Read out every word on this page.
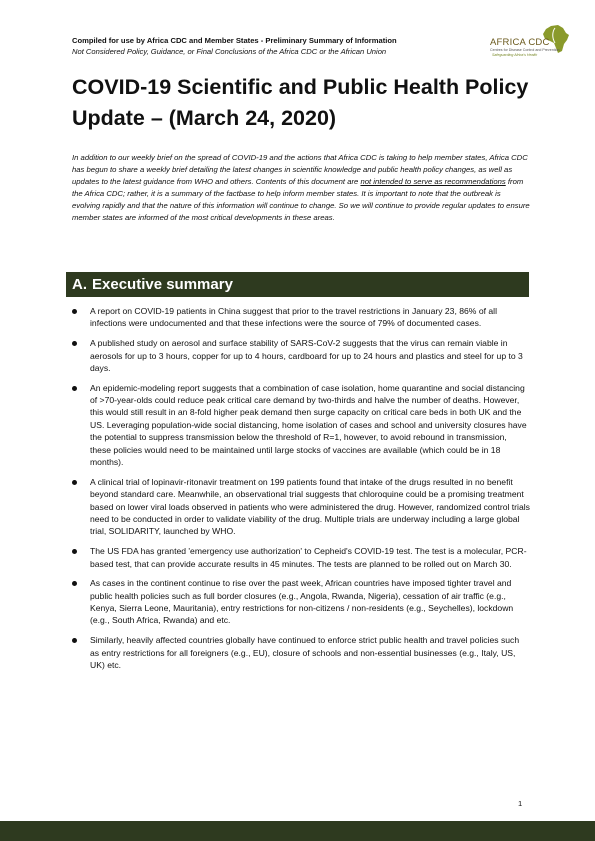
Compiled for use by Africa CDC and Member States - Preliminary Summary of Information
Not Considered Policy, Guidance, or Final Conclusions of the Africa CDC or the African Union
AFRICA CDC
Centres for Disease Control and Prevention
Safeguarding Africa's Health
COVID-19 Scientific and Public Health Policy Update – (March 24, 2020)

In addition to our weekly brief on the spread of COVID-19 and the actions that Africa CDC is taking to help member states, Africa CDC has begun to share a weekly brief detailing the latest changes in scientific knowledge and public health policy changes, as well as updates to the latest guidance from WHO and others. Contents of this document are not intended to serve as recommendations from the Africa CDC; rather, it is a summary of the factbase to help inform member states. It is important to note that the outbreak is evolving rapidly and that the nature of this information will continue to change. So we will continue to provide regular updates to ensure member states are informed of the most critical developments in these areas.

A. Executive summary
A report on COVID-19 patients in China suggest that prior to the travel restrictions in January 23, 86% of all infections were undocumented and that these infections were the source of 79% of documented cases.
A published study on aerosol and surface stability of SARS-CoV-2 suggests that the virus can remain viable in aerosols for up to 3 hours, copper for up to 4 hours, cardboard for up to 24 hours and plastics and steel for up to 3 days.
An epidemic-modeling report suggests that a combination of case isolation, home quarantine and social distancing of >70-year-olds could reduce peak critical care demand by two-thirds and halve the number of deaths. However, this would still result in an 8-fold higher peak demand then surge capacity on critical care beds in both UK and the US. Leveraging population-wide social distancing, home isolation of cases and school and university closures have the potential to suppress transmission below the threshold of R=1, however, to avoid rebound in transmission, these policies would need to be maintained until large stocks of vaccines are available (which could be in 18 months).
A clinical trial of lopinavir-ritonavir treatment on 199 patients found that intake of the drugs resulted in no benefit beyond standard care. Meanwhile, an observational trial suggests that chloroquine could be a promising treatment based on lower viral loads observed in patients who were administered the drug. However, randomized control trials need to be conducted in order to validate viability of the drug. Multiple trials are underway including a large global trial, SOLIDARITY, launched by WHO.
The US FDA has granted 'emergency use authorization' to Cepheid's COVID-19 test. The test is a molecular, PCR-based test, that can provide accurate results in 45 minutes. The tests are planned to be rolled out on March 30.
As cases in the continent continue to rise over the past week, African countries have imposed tighter travel and public health policies such as full border closures (e.g., Angola, Rwanda, Nigeria), cessation of air traffic (e.g., Kenya, Sierra Leone, Mauritania), entry restrictions for non-citizens / non-residents (e.g., Seychelles), lockdown (e.g., South Africa, Rwanda) and etc.
Similarly, heavily affected countries globally have continued to enforce strict public health and travel policies such as entry restrictions for all foreigners (e.g., EU), closure of schools and non-essential businesses (e.g., Italy, US, UK) etc.
1
